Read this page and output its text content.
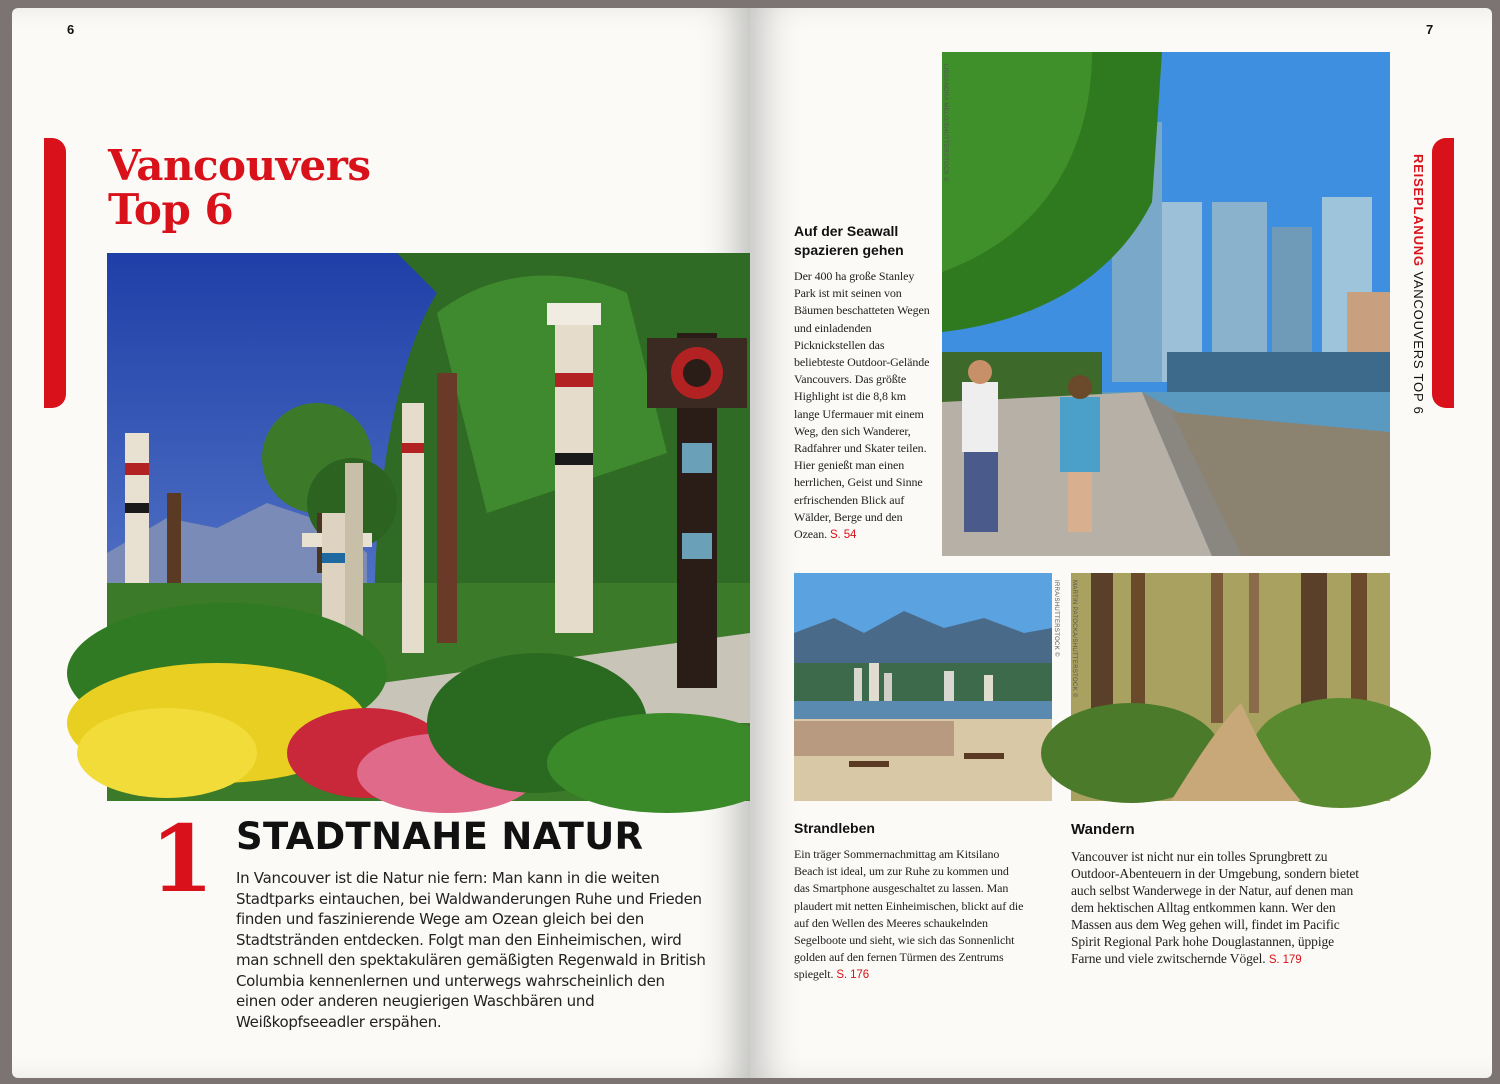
6
Vancouvers
Top 6
1 STADTNAHE NATUR
In Vancouver ist die Natur nie fern: Man kann in die weiten Stadtparks eintauchen, bei Waldwanderungen Ruhe und Frieden finden und faszinierende Wege am Ozean gleich bei den Stadtstränden entdecken. Folgt man den Einheimischen, wird man schnell den spektakulären gemäßigten Regenwald in British Columbia kennenlernen und unterwegs wahrscheinlich den einen oder anderen neugierigen Waschbären und Weißkopfseeadler erspähen.
7
REISEPLANUNG VANCOUVERS TOP 6
LISSANDRA MELO/SHUTTERSTOCK ©
Auf der Seawall
spazieren gehen
Der 400 ha große Stanley Park ist mit seinen von Bäumen beschatteten Wegen und einladenden Picknickstellen das beliebteste Outdoor-Gelände Vancouvers. Das größte Highlight ist die 8,8 km lange Ufermauer mit einem Weg, den sich Wanderer, Radfahrer und Skater teilen. Hier genießt man einen herrlichen, Geist und Sinne erfrischenden Blick auf Wälder, Berge und den Ozean. S. 54
IRRA/SHUTTERSTOCK © MARTIN PATOCKA/SHUTTERSTOCK ©
Strandleben
Ein träger Sommernachmittag am Kitsilano Beach ist ideal, um zur Ruhe zu kommen und das Smartphone ausgeschaltet zu lassen. Man plaudert mit netten Einheimischen, blickt auf die auf den Wellen des Meeres schaukelnden Segelboote und sieht, wie sich das Sonnenlicht golden auf den fernen Türmen des Zentrums spiegelt. S. 176
Wandern
Vancouver ist nicht nur ein tolles Sprungbrett zu Outdoor-Abenteuern in der Umgebung, sondern bietet auch selbst Wanderwege in der Natur, auf denen man dem hektischen Alltag entkommen kann. Wer den Massen aus dem Weg gehen will, findet im Pacific Spirit Regional Park hohe Douglastannen, üppige Farne und viele zwitschernde Vögel. S. 179
